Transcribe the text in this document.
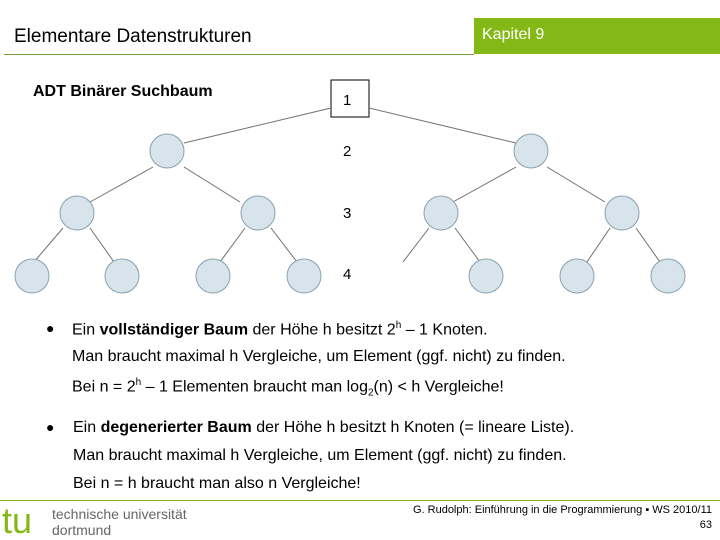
Elementare Datenstrukturen	Kapitel 9
ADT Binärer Suchbaum
1
2
3
4
● Ein vollständiger Baum der Höhe h besitzt 2$^h$ – 1 Knoten.
Man braucht maximal h Vergleiche, um Element (ggf. nicht) zu finden.
Bei $n = 2^h - 1$ Elementen braucht man $\log_2(n) < h$ Vergleiche!
● Ein degenerierter Baum der Höhe h besitzt h Knoten (= lineare Liste).
Man braucht maximal h Vergleiche, um Element (ggf. nicht) zu finden.
Bei n = h braucht man also n Vergleiche!
tu technische universität
dortmund
G. Rudolph: Einführung in die Programmierung ▪ WS 2010/11
63
